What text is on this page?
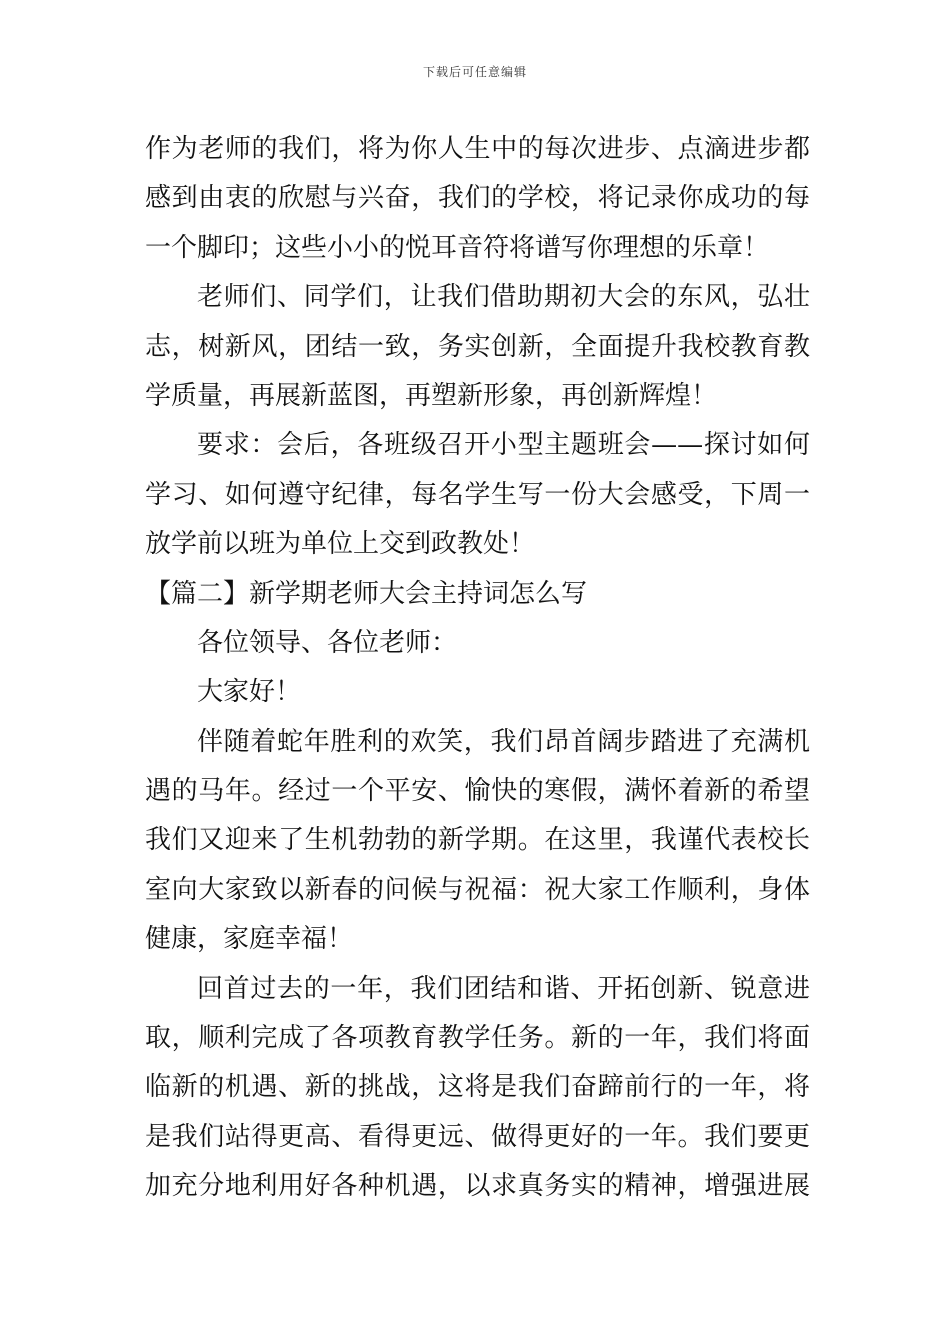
下载后可任意编辑
作为老师的我们，将为你人生中的每次进步、点滴进步都
感到由衷的欣慰与兴奋，我们的学校，将记录你成功的每
一个脚印；这些小小的悦耳音符将谱写你理想的乐章！
老师们、同学们，让我们借助期初大会的东风，弘壮
志，树新风，团结一致，务实创新，全面提升我校教育教
学质量，再展新蓝图，再塑新形象，再创新辉煌！
要求：会后，各班级召开小型主题班会——探讨如何
学习、如何遵守纪律，每名学生写一份大会感受，下周一
放学前以班为单位上交到政教处！
【篇二】新学期老师大会主持词怎么写
各位领导、各位老师：
大家好！
伴随着蛇年胜利的欢笑，我们昂首阔步踏进了充满机
遇的马年。经过一个平安、愉快的寒假，满怀着新的希望
我们又迎来了生机勃勃的新学期。在这里，我谨代表校长
室向大家致以新春的问候与祝福：祝大家工作顺利，身体
健康，家庭幸福！
回首过去的一年，我们团结和谐、开拓创新、锐意进
取，顺利完成了各项教育教学任务。新的一年，我们将面
临新的机遇、新的挑战，这将是我们奋蹄前行的一年，将
是我们站得更高、看得更远、做得更好的一年。我们要更
加充分地利用好各种机遇，以求真务实的精神，增强进展
